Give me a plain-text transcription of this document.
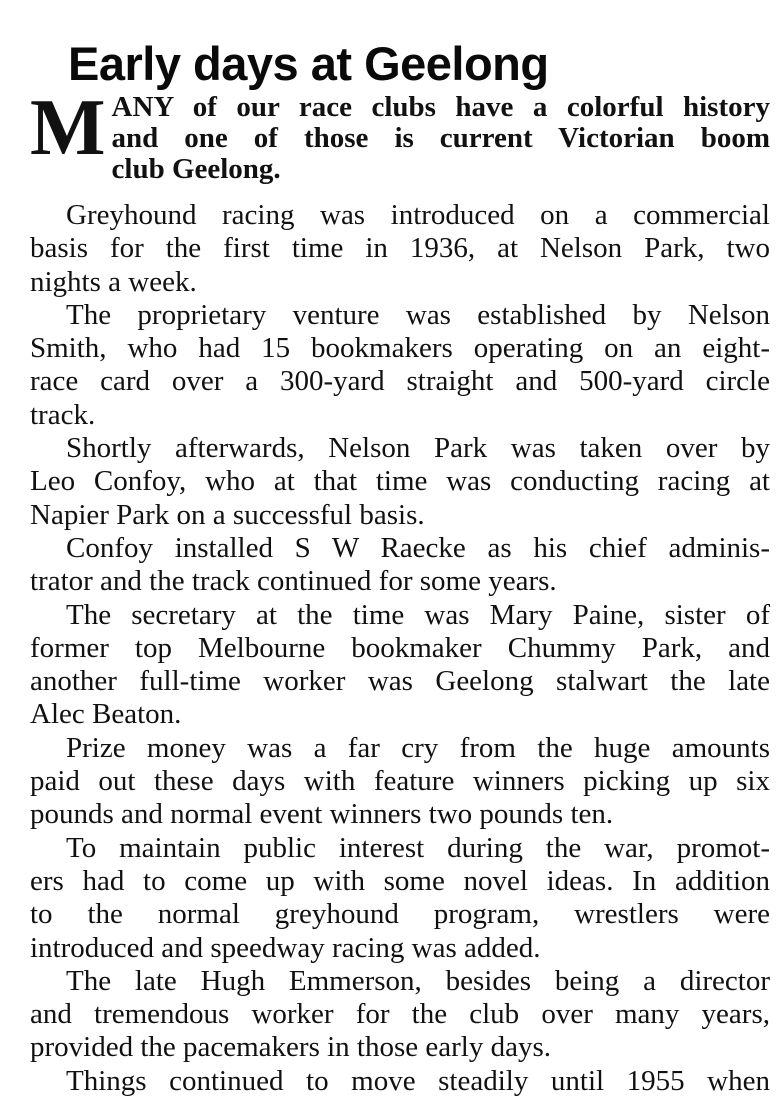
Early days at Geelong
M ANY of our race clubs have a colorful history
and one of those is current Victorian boom
club Geelong.
Greyhound racing was introduced on a commercial
basis for the first time in 1936, at Nelson Park, two
nights a week.
The proprietary venture was established by Nelson
Smith, who had 15 bookmakers operating on an eight-
race card over a 300-yard straight and 500-yard circle
track.
Shortly afterwards, Nelson Park was taken over by
Leo Confoy, who at that time was conducting racing at
Napier Park on a successful basis.
Confoy installed S W Raecke as his chief adminis-
trator and the track continued for some years.
The secretary at the time was Mary Paine, sister of
former top Melbourne bookmaker Chummy Park, and
another full-time worker was Geelong stalwart the late
Alec Beaton.
Prize money was a far cry from the huge amounts
paid out these days with feature winners picking up six
pounds and normal event winners two pounds ten.
To maintain public interest during the war, promot-
ers had to come up with some novel ideas. In addition
to the normal greyhound program, wrestlers were
introduced and speedway racing was added.
The late Hugh Emmerson, besides being a director
and tremendous worker for the club over many years,
provided the pacemakers in those early days.
Things continued to move steadily until 1955 when
